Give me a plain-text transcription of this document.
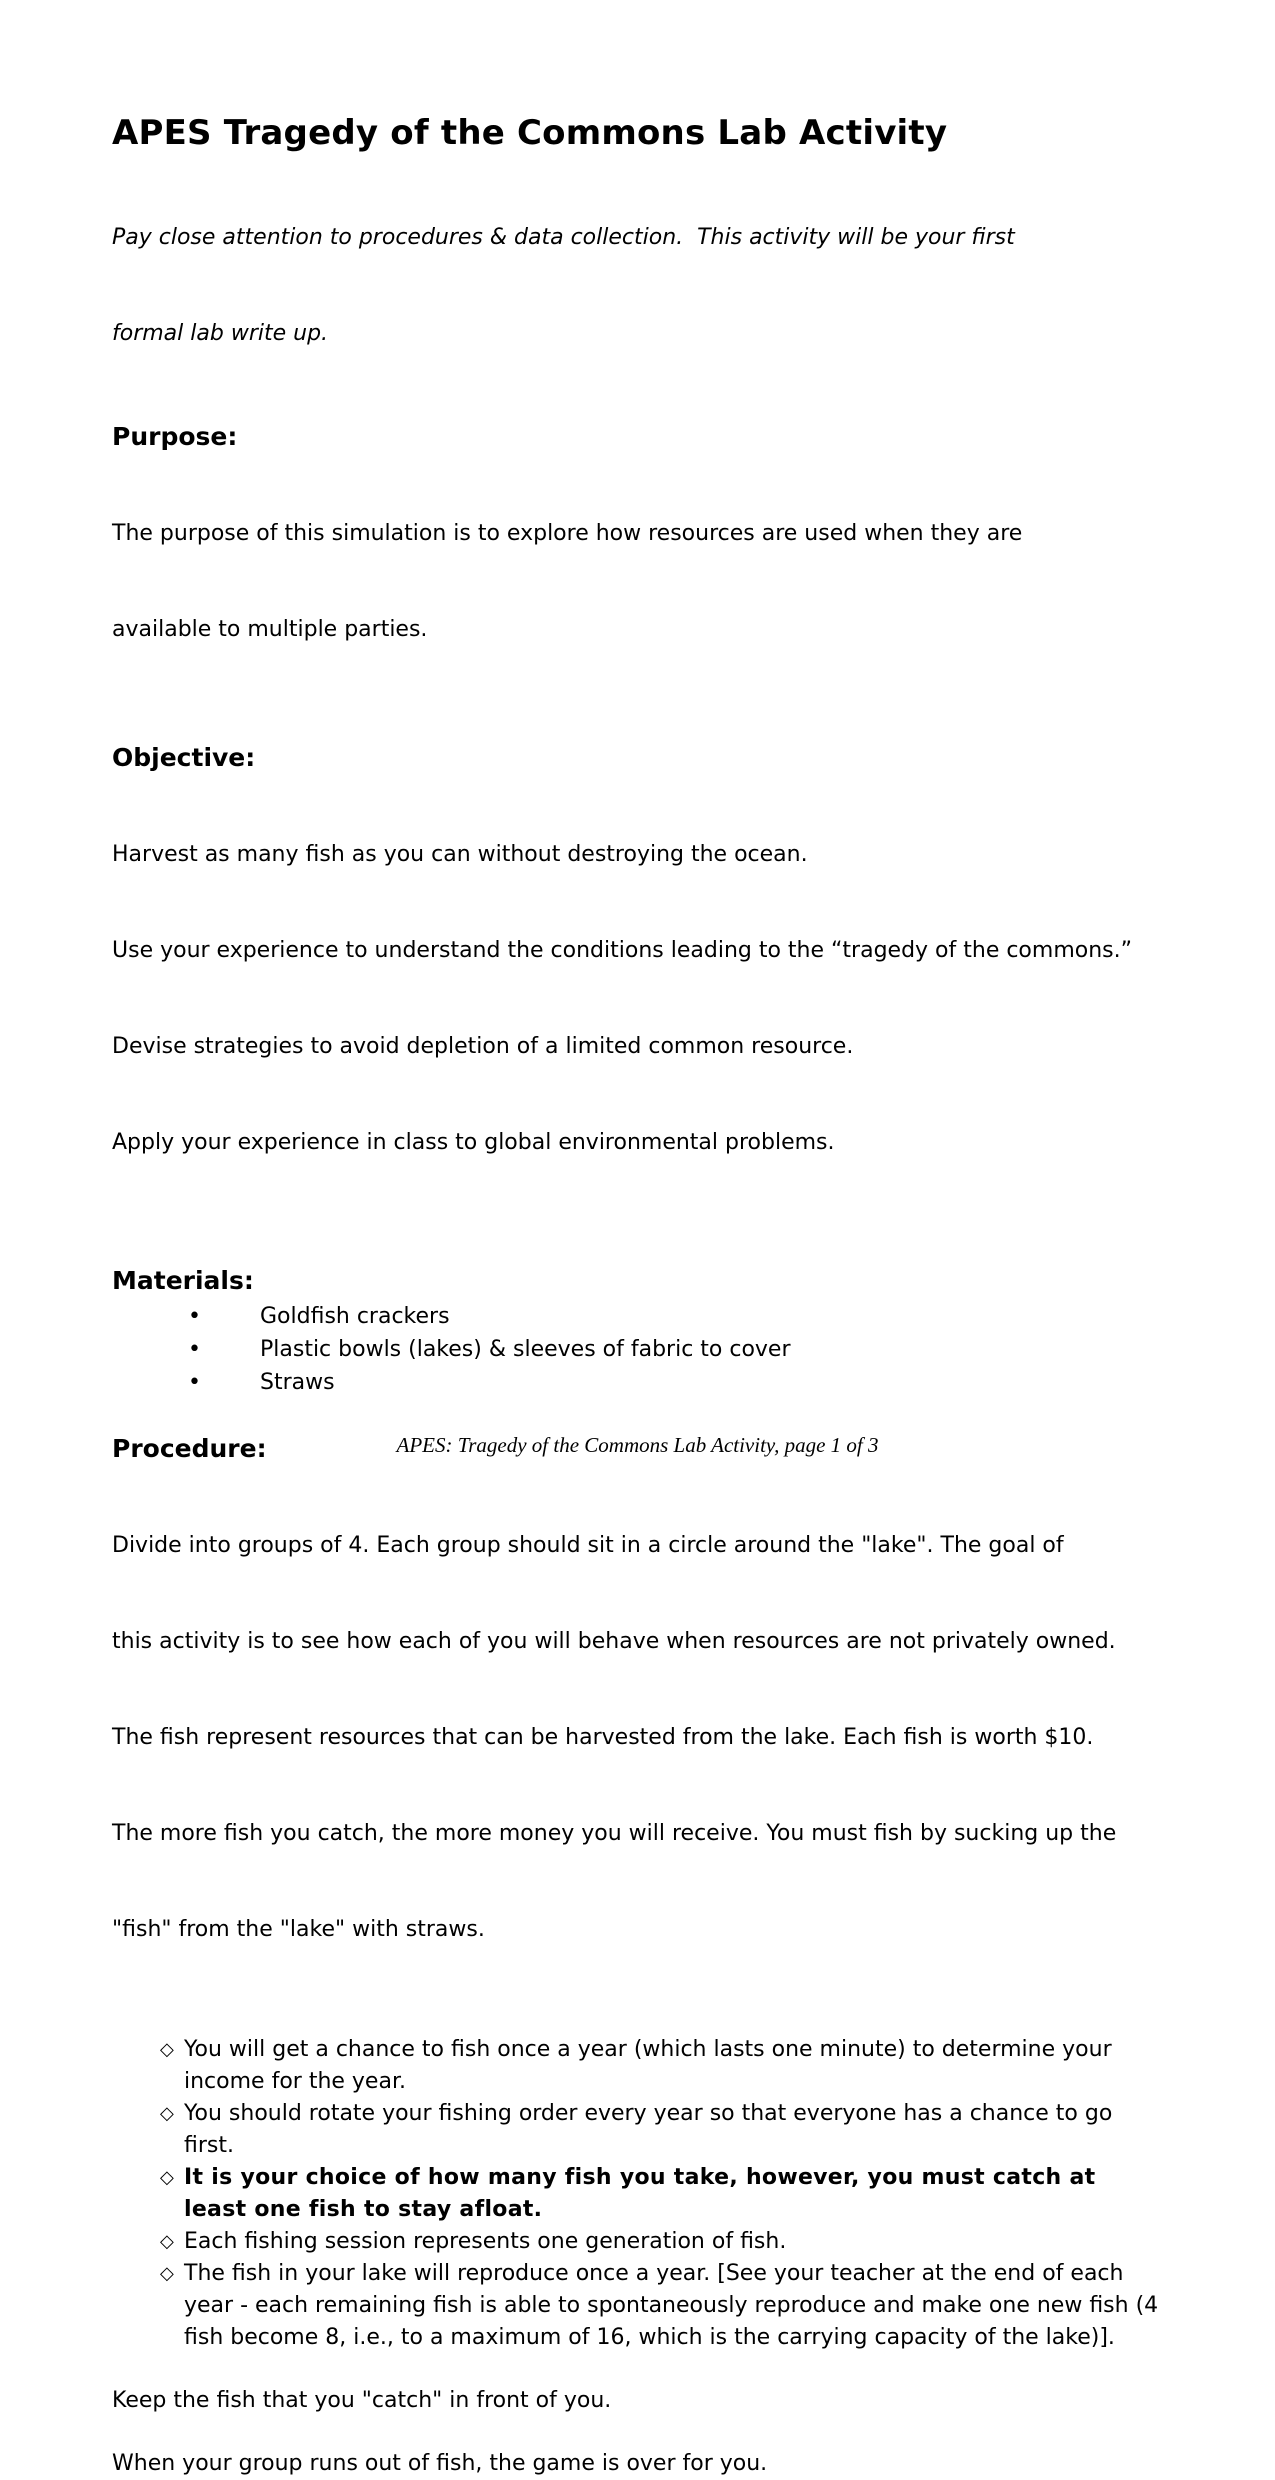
APES Tragedy of the Commons Lab Activity

Pay close attention to procedures & data collection.  This activity will be your first

formal lab write up.

Purpose:

The purpose of this simulation is to explore how resources are used when they are

available to multiple parties.

Objective:

Harvest as many fish as you can without destroying the ocean.

Use your experience to understand the conditions leading to the “tragedy of the commons.”

Devise strategies to avoid depletion of a limited common resource.

Apply your experience in class to global environmental problems.

Materials:
•	Goldfish crackers
•	Plastic bowls (lakes) & sleeves of fabric to cover
•	Straws
Procedure:

Divide into groups of 4. Each group should sit in a circle around the "lake". The goal of

this activity is to see how each of you will behave when resources are not privately owned.

The fish represent resources that can be harvested from the lake. Each fish is worth $10.

The more fish you catch, the more money you will receive. You must fish by sucking up the

"fish" from the "lake" with straws.

◇ You will get a chance to fish once a year (which lasts one minute) to determine your income for the year.
◇ You should rotate your fishing order every year so that everyone has a chance to go first.
◇ It is your choice of how many fish you take, however, you must catch at least one fish to stay afloat.
◇ Each fishing session represents one generation of fish.
◇ The fish in your lake will reproduce once a year. [See your teacher at the end of each year - each remaining fish is able to spontaneously reproduce and make one new fish (4 fish become 8, i.e., to a maximum of 16, which is the carrying capacity of the lake)].

Keep the fish that you "catch" in front of you.

When your group runs out of fish, the game is over for you.

APES: Tragedy of the Commons Lab Activity, page 1 of 3
